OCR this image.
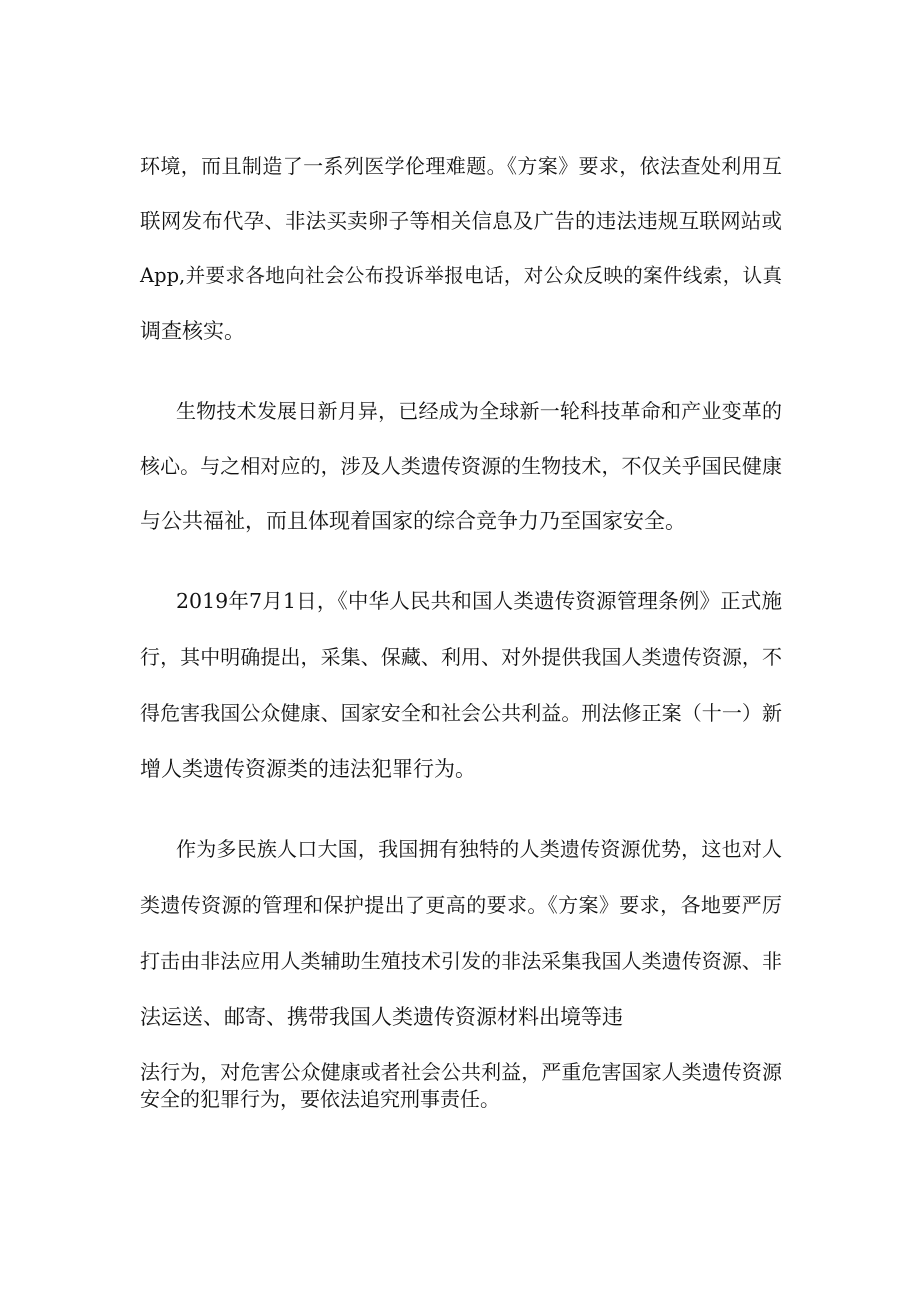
环境，而且制造了一系列医学伦理难题。《方案》要求，依法查处利用互
联网发布代孕、非法买卖卵子等相关信息及广告的违法违规互联网站或
App,并要求各地向社会公布投诉举报电话，对公众反映的案件线索，认真
调查核实。
生物技术发展日新月异，已经成为全球新一轮科技革命和产业变革的
核心。与之相对应的，涉及人类遗传资源的生物技术，不仅关乎国民健康
与公共福祉，而且体现着国家的综合竞争力乃至国家安全。
2019年7月1日，《中华人民共和国人类遗传资源管理条例》正式施
行，其中明确提出，采集、保藏、利用、对外提供我国人类遗传资源，不
得危害我国公众健康、国家安全和社会公共利益。刑法修正案（十一）新
增人类遗传资源类的违法犯罪行为。
作为多民族人口大国，我国拥有独特的人类遗传资源优势，这也对人
类遗传资源的管理和保护提出了更高的要求。《方案》要求，各地要严厉
打击由非法应用人类辅助生殖技术引发的非法采集我国人类遗传资源、非
法运送、邮寄、携带我国人类遗传资源材料出境等违
法行为，对危害公众健康或者社会公共利益，严重危害国家人类遗传资源
安全的犯罪行为，要依法追究刑事责任。
